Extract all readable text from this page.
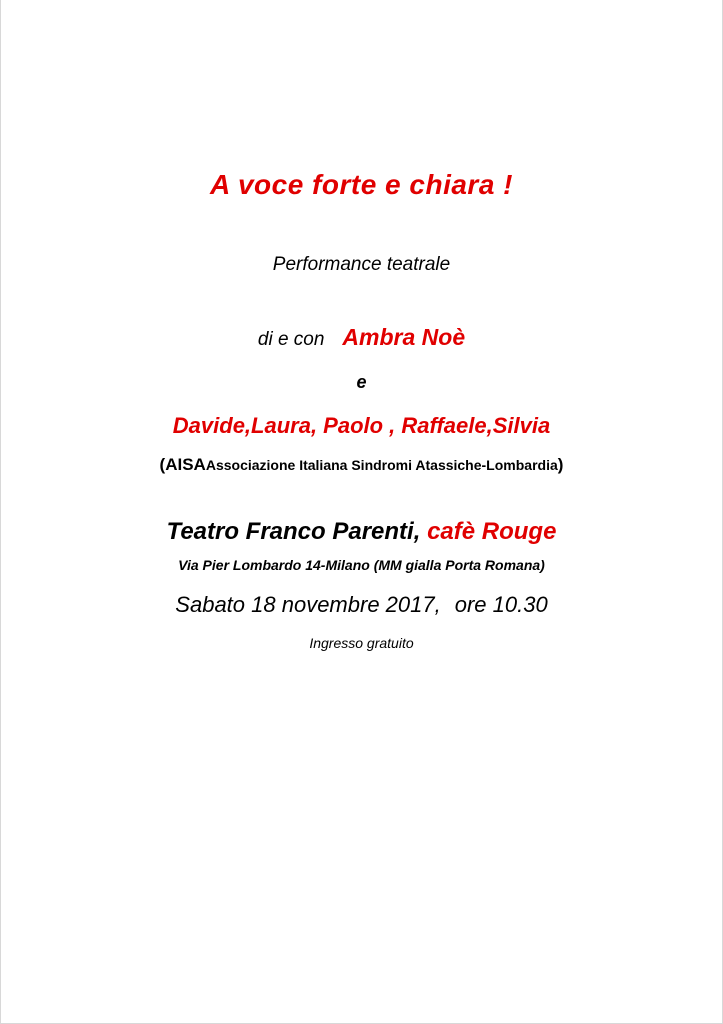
A voce forte e chiara !
Performance teatrale
di e con Ambra Noè
e
Davide,Laura, Paolo , Raffaele,Silvia
(AISAAssociazione Italiana Sindromi Atassiche-Lombardia)
Teatro Franco Parenti, cafè Rouge
Via Pier Lombardo 14-Milano (MM gialla Porta Romana)
Sabato 18 novembre 2017, ore 10.30
Ingresso gratuito
